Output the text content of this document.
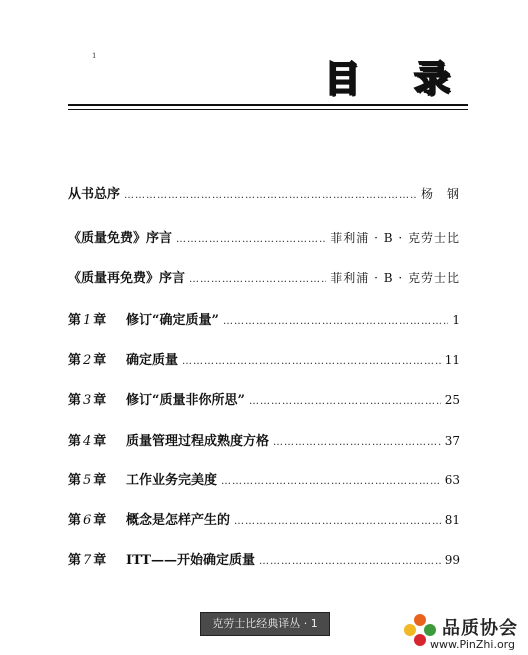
1
目 录
从书总序 ……………………………………………………………………………………………………………………	杨　钢
《质量免费》序言 ……………………………………………………………………………………………………………………	菲利浦 · B · 克劳士比
《质量再免费》序言 ……………………………………………………………………………………………………………………	菲利浦 · B · 克劳士比
第 1 章	修订“确定质量” ……………………………………………………………………………………………………………………	1
第 2 章	确定质量 ……………………………………………………………………………………………………………………	11
第 3 章	修订“质量非你所思” ……………………………………………………………………………………………………………………	25
第 4 章	质量管理过程成熟度方格 ……………………………………………………………………………………………………………………	37
第 5 章	工作业务完美度 ……………………………………………………………………………………………………………………	63
第 6 章	概念是怎样产生的 ……………………………………………………………………………………………………………………	81
第 7 章	ITT——开始确定质量 ……………………………………………………………………………………………………………………	99
克劳士比经典译丛 · 1	品质协会
www.PinZhi.org
